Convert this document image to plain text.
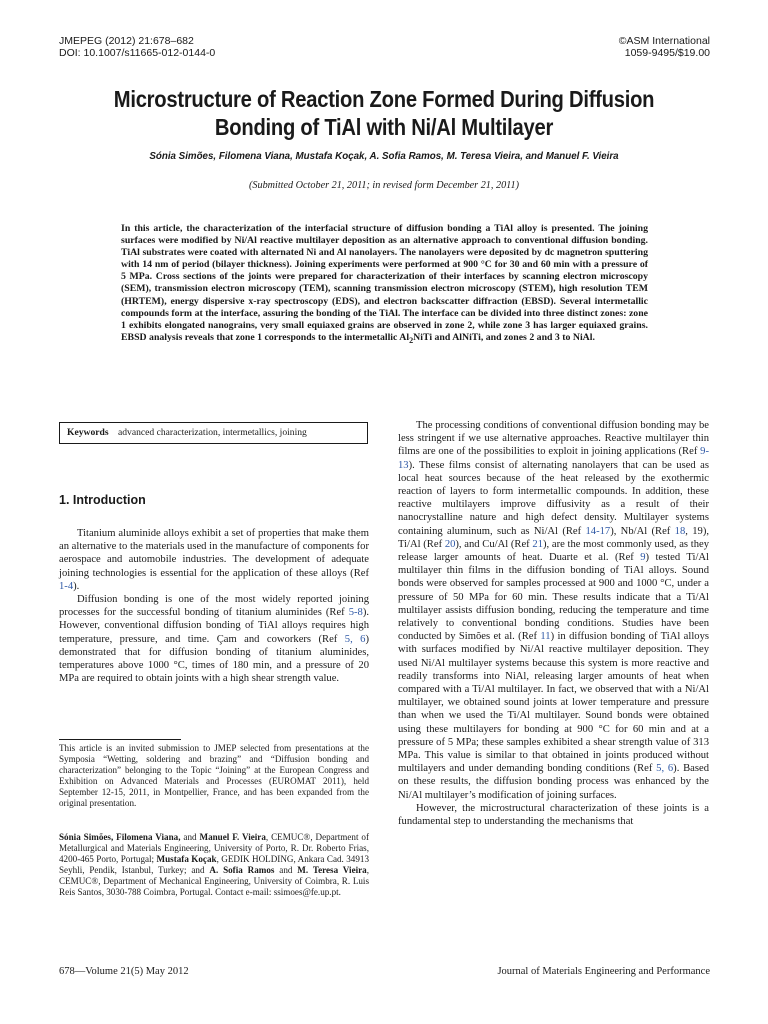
JMEPEG (2012) 21:678–682
DOI: 10.1007/s11665-012-0144-0
©ASM International
1059-9495/$19.00
Microstructure of Reaction Zone Formed During Diffusion
Bonding of TiAl with Ni/Al Multilayer
Sónia Simões, Filomena Viana, Mustafa Koçak, A. Sofia Ramos, M. Teresa Vieira, and Manuel F. Vieira
(Submitted October 21, 2011; in revised form December 21, 2011)
In this article, the characterization of the interfacial structure of diffusion bonding a TiAl alloy is presented. The joining surfaces were modified by Ni/Al reactive multilayer deposition as an alternative approach to conventional diffusion bonding. TiAl substrates were coated with alternated Ni and Al nanolayers. The nanolayers were deposited by dc magnetron sputtering with 14 nm of period (bilayer thickness). Joining experiments were performed at 900 °C for 30 and 60 min with a pressure of 5 MPa. Cross sections of the joints were prepared for characterization of their interfaces by scanning electron microscopy (SEM), transmission electron microscopy (TEM), scanning transmission electron microscopy (STEM), high resolution TEM (HRTEM), energy dispersive x-ray spectroscopy (EDS), and electron backscatter diffraction (EBSD). Several intermetallic compounds form at the interface, assuring the bonding of the TiAl. The interface can be divided into three distinct zones: zone 1 exhibits elongated nanograins, very small equiaxed grains are observed in zone 2, while zone 3 has larger equiaxed grains. EBSD analysis reveals that zone 1 corresponds to the intermetallic $Al_2NiTi$ and AlNiTi, and zones 2 and 3 to NiAl.
Keywords advanced characterization, intermetallics, joining
1. Introduction

Titanium aluminide alloys exhibit a set of properties that make them an alternative to the materials used in the manufacture of components for aerospace and automobile industries. The development of adequate joining technologies is essential for the application of these alloys (Ref 1-4).

Diffusion bonding is one of the most widely reported joining processes for the successful bonding of titanium aluminides (Ref 5-8). However, conventional diffusion bonding of TiAl alloys requires high temperature, pressure, and time. Çam and coworkers (Ref 5, 6) demonstrated that for diffusion bonding of titanium aluminides, temperatures above 1000 °C, times of 180 min, and a pressure of 20 MPa are required to obtain joints with a high shear strength value.

This article is an invited submission to JMEP selected from presentations at the Symposia “Wetting, soldering and brazing” and “Diffusion bonding and characterization” belonging to the Topic “Joining” at the European Congress and Exhibition on Advanced Materials and Processes (EUROMAT 2011), held September 12-15, 2011, in Montpellier, France, and has been expanded from the original presentation.

Sónia Simões, Filomena Viana, and Manuel F. Vieira, CEMUC®, Department of Metallurgical and Materials Engineering, University of Porto, R. Dr. Roberto Frias, 4200-465 Porto, Portugal; Mustafa Koçak, GEDIK HOLDING, Ankara Cad. 34913 Seyhli, Pendik, Istanbul, Turkey; and A. Sofia Ramos and M. Teresa Vieira, CEMUC®, Department of Mechanical Engineering, University of Coimbra, R. Luis Reis Santos, 3030-788 Coimbra, Portugal. Contact e-mail: ssimoes@fe.up.pt.

The processing conditions of conventional diffusion bonding may be less stringent if we use alternative approaches. Reactive multilayer thin films are one of the possibilities to exploit in joining applications (Ref 9-13). These films consist of alternating nanolayers that can be used as local heat sources because of the heat released by the exothermic reaction of layers to form intermetallic compounds. In addition, these reactive multilayers improve diffusivity as a result of their nanocrystalline nature and high defect density. Multilayer systems containing aluminum, such as Ni/Al (Ref 14-17), Nb/Al (Ref 18, 19), Ti/Al (Ref 20), and Cu/Al (Ref 21), are the most commonly used, as they release larger amounts of heat. Duarte et al. (Ref 9) tested Ti/Al multilayer thin films in the diffusion bonding of TiAl alloys. Sound bonds were observed for samples processed at 900 and 1000 °C, under a pressure of 50 MPa for 60 min. These results indicate that a Ti/Al multilayer assists diffusion bonding, reducing the temperature and time relatively to conventional bonding conditions. Studies have been conducted by Simões et al. (Ref 11) in diffusion bonding of TiAl alloys with surfaces modified by Ni/Al reactive multilayer deposition. They used Ni/Al multilayer systems because this system is more reactive and readily transforms into NiAl, releasing larger amounts of heat when compared with a Ti/Al multilayer. In fact, we observed that with a Ni/Al multilayer, we obtained sound joints at lower temperature and pressure than when we used the Ti/Al multilayer. Sound bonds were obtained using these multilayers for bonding at 900 °C for 60 min and at a pressure of 5 MPa; these samples exhibited a shear strength value of 313 MPa. This value is similar to that obtained in joints produced without multilayers and under demanding bonding conditions (Ref 5, 6). Based on these results, the diffusion bonding process was enhanced by the Ni/Al multilayer’s modification of joining surfaces.

However, the microstructural characterization of these joints is a fundamental step to understanding the mechanisms that

678—Volume 21(5) May 2012	Journal of Materials Engineering and Performance
